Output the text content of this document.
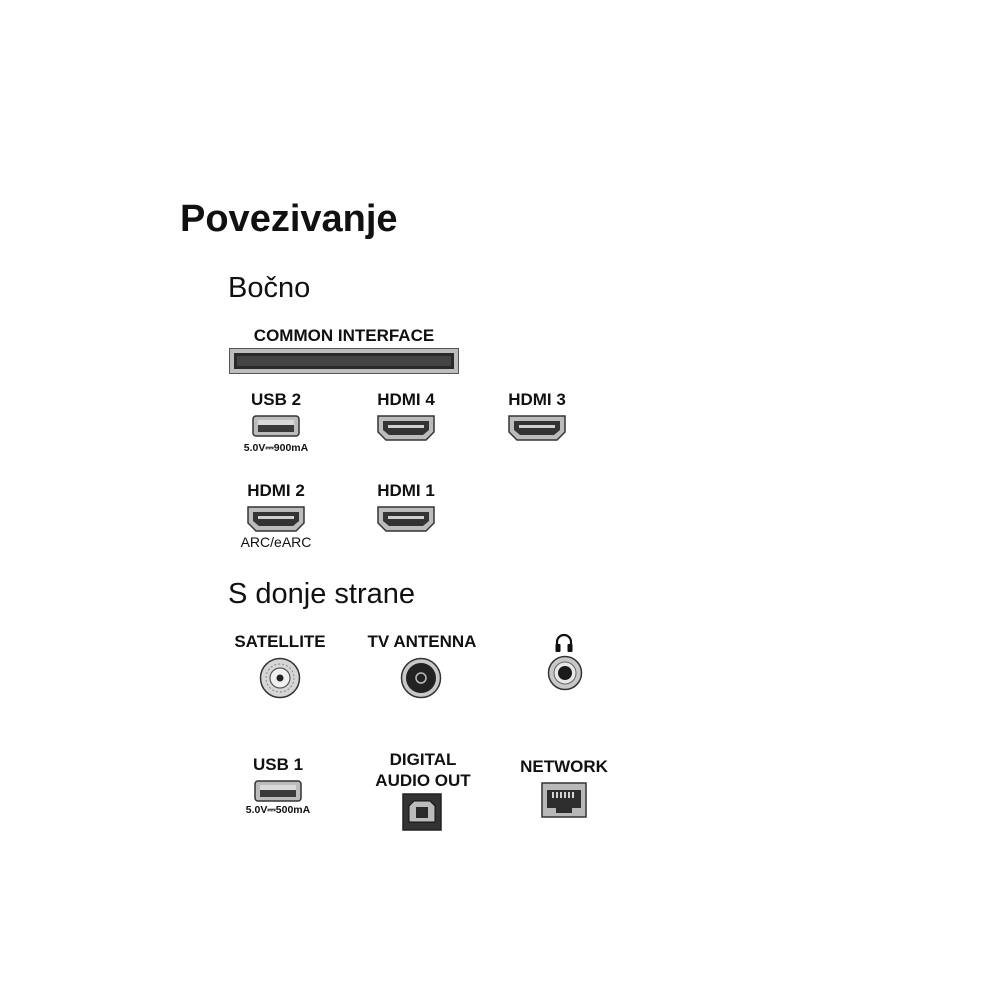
Povezivanje
Bočno
COMMON INTERFACE
USB 2
5.0V⎓900mA
HDMI 4	HDMI 3
HDMI 2
ARC/eARC
HDMI 1
S donje strane
SATELLITE	TV ANTENNA
USB 1
5.0V⎓500mA
DIGITAL
AUDIO OUT
NETWORK
